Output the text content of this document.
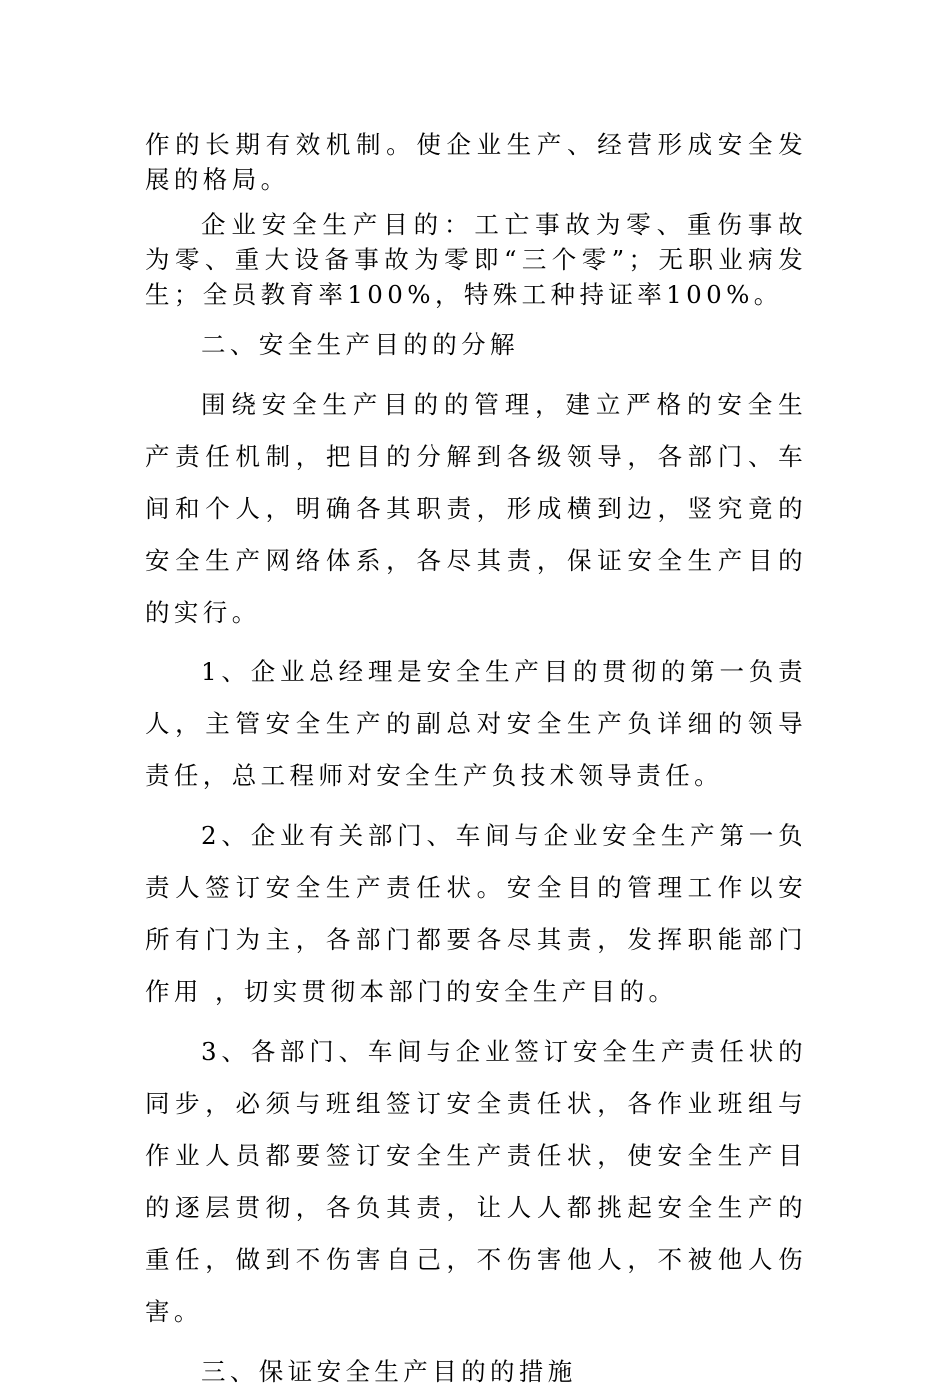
作的长期有效机制。使企业生产、经营形成安全发展的格局。

企业安全生产目的：工亡事故为零、重伤事故为零、重大设备事故为零即“三个零”；无职业病发生；全员教育率100%，特殊工种持证率100%。

二、安全生产目的的分解

围绕安全生产目的的管理，建立严格的安全生产责任机制，把目的分解到各级领导，各部门、车间和个人，明确各其职责，形成横到边，竖究竟的安全生产网络体系，各尽其责，保证安全生产目的的实行。

1、企业总经理是安全生产目的贯彻的第一负责人，主管安全生产的副总对安全生产负详细的领导责任，总工程师对安全生产负技术领导责任。

2、企业有关部门、车间与企业安全生产第一负责人签订安全生产责任状。安全目的管理工作以安所有门为主，各部门都要各尽其责，发挥职能部门作用 ，切实贯彻本部门的安全生产目的。

3、各部门、车间与企业签订安全生产责任状的同步，必须与班组签订安全责任状，各作业班组与作业人员都要签订安全生产责任状，使安全生产目的逐层贯彻，各负其责，让人人都挑起安全生产的重任，做到不伤害自己，不伤害他人，不被他人伤害。

三、保证安全生产目的的措施
